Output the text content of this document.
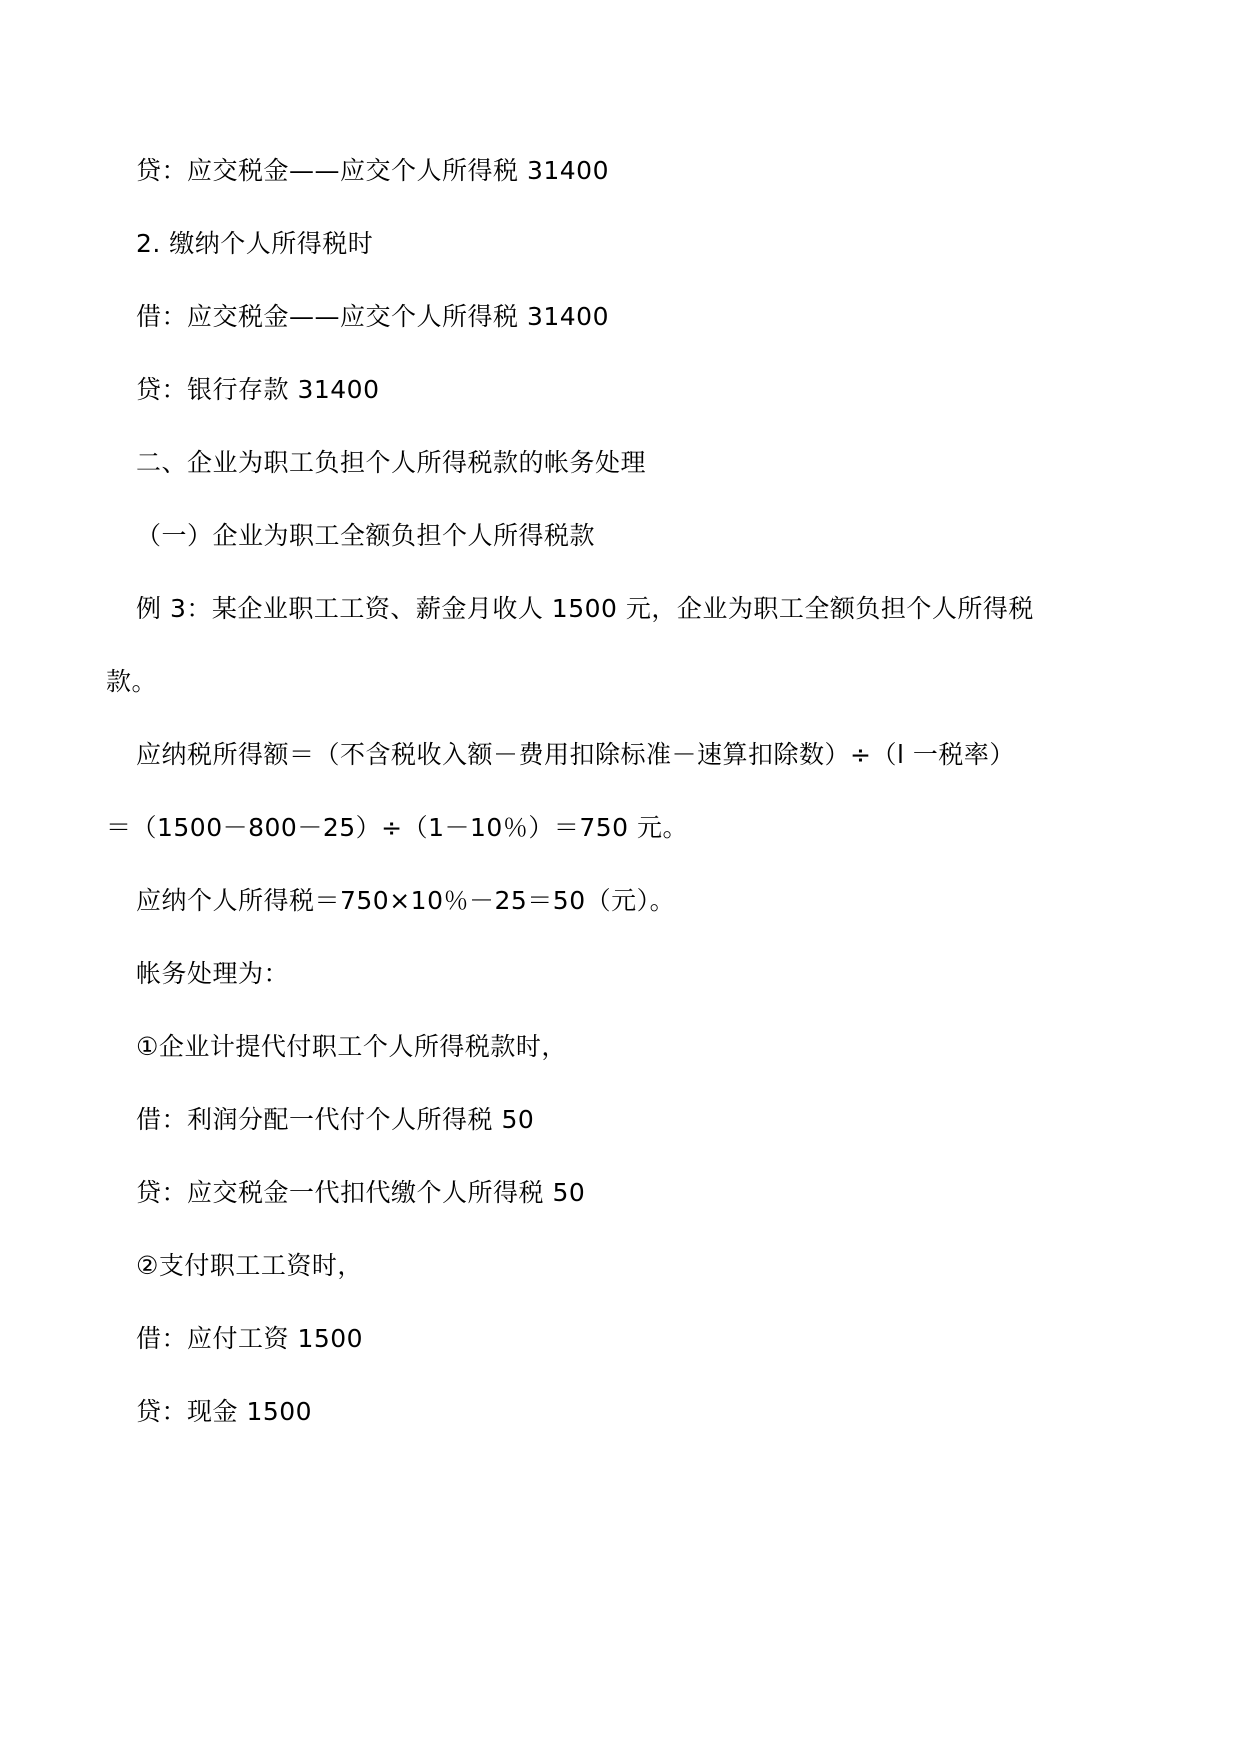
贷：应交税金——应交个人所得税 31400
2. 缴纳个人所得税时
借：应交税金——应交个人所得税 31400
贷：银行存款 31400
二、企业为职工负担个人所得税款的帐务处理
（一）企业为职工全额负担个人所得税款
例 3：某企业职工工资、薪金月收人 1500 元，企业为职工全额负担个人所得税
款。
应纳税所得额＝（不含税收入额－费用扣除标准－速算扣除数）÷（l 一税率）
＝（1500－800－25）÷（1－10％）＝750 元。
应纳个人所得税＝750×10％－25＝50（元）。
帐务处理为：
①企业计提代付职工个人所得税款时，
借：利润分配一代付个人所得税 50
贷：应交税金一代扣代缴个人所得税 50
②支付职工工资时，
借：应付工资 1500
贷：现金 1500
